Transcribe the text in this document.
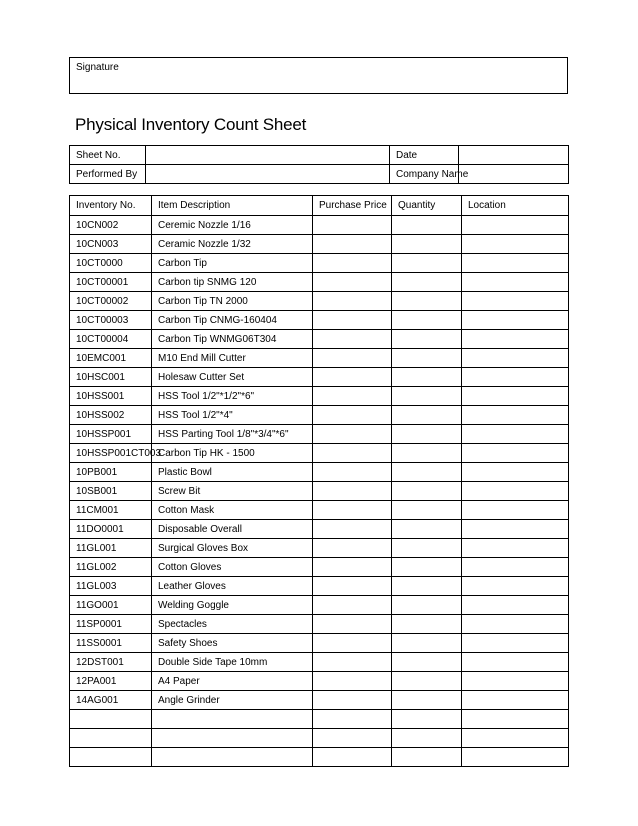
Signature
Physical Inventory Count Sheet
Sheet No.		Date	
Performed By		Company Name	
Inventory No.	Item Description	Purchase Price	Quantity	Location
10CN002	Ceremic Nozzle 1/16			
10CN003	Ceramic Nozzle 1/32			
10CT0000	Carbon Tip			
10CT00001	Carbon tip SNMG 120			
10CT00002	Carbon Tip TN 2000			
10CT00003	Carbon Tip CNMG-160404			
10CT00004	Carbon Tip WNMG06T304			
10EMC001	M10 End Mill Cutter			
10HSC001	Holesaw Cutter Set			
10HSS001	HSS Tool 1/2"*1/2"*6"			
10HSS002	HSS Tool 1/2"*4"			
10HSSP001	HSS Parting Tool 1/8"*3/4"*6"			
10HSSP001CT003	Carbon Tip HK - 1500			
10PB001	Plastic Bowl			
10SB001	Screw Bit			
11CM001	Cotton Mask			
11DO0001	Disposable Overall			
11GL001	Surgical Gloves Box			
11GL002	Cotton Gloves			
11GL003	Leather Gloves			
11GO001	Welding Goggle			
11SP0001	Spectacles			
11SS0001	Safety Shoes			
12DST001	Double Side Tape 10mm			
12PA001	A4 Paper			
14AG001	Angle Grinder			
